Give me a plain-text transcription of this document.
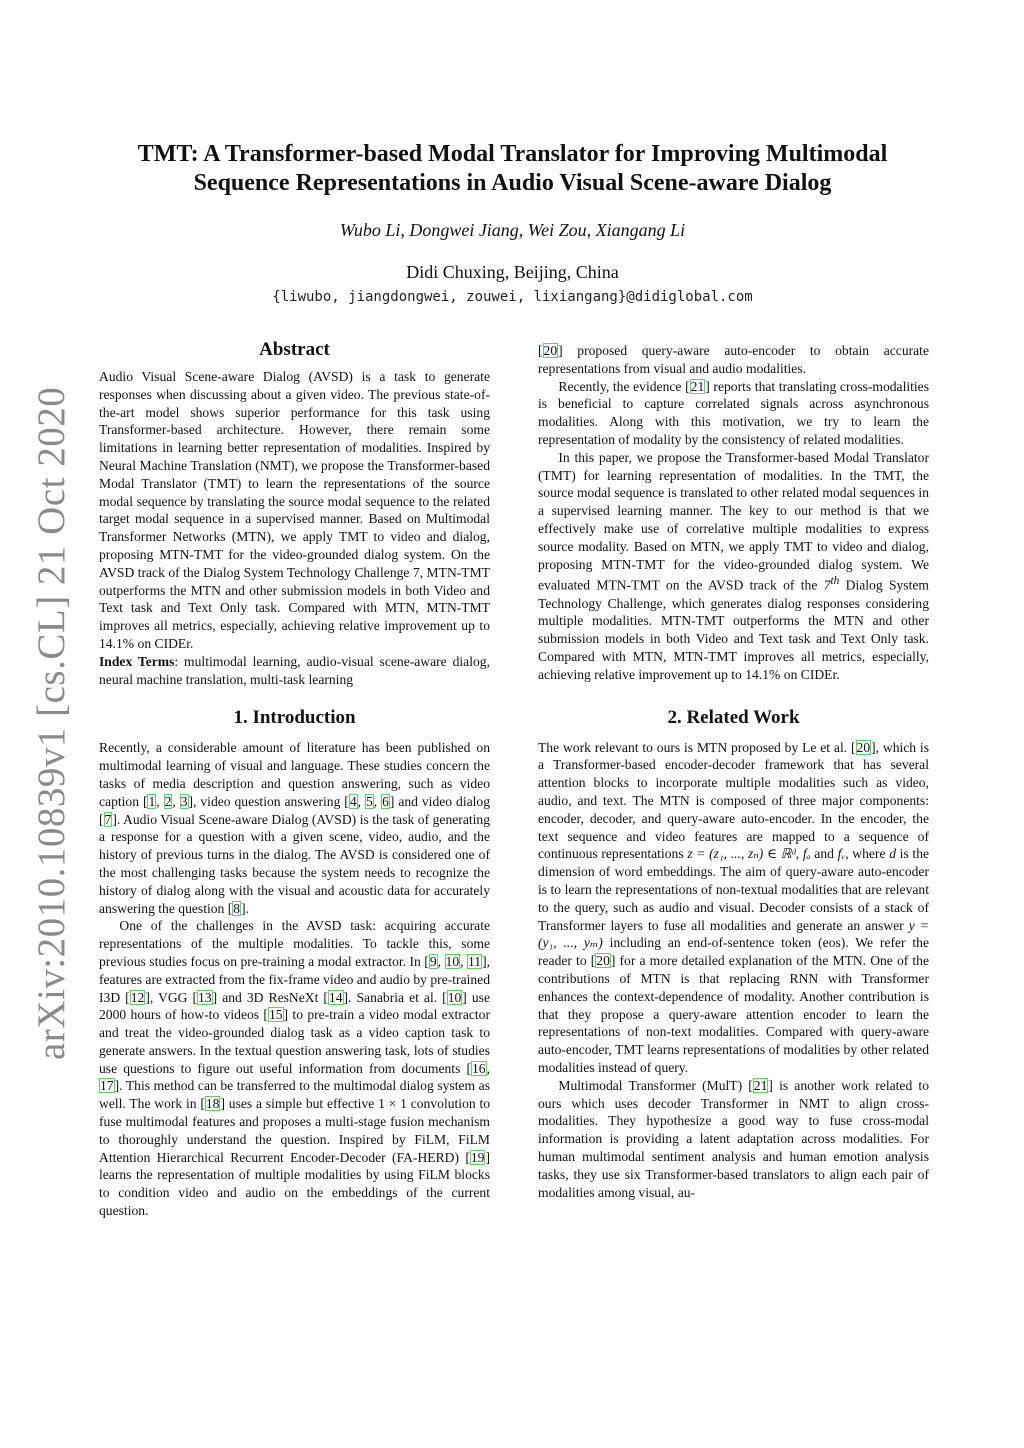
arXiv:2010.10839v1 [cs.CL] 21 Oct 2020
TMT: A Transformer-based Modal Translator for Improving Multimodal Sequence Representations in Audio Visual Scene-aware Dialog
Wubo Li, Dongwei Jiang, Wei Zou, Xiangang Li
Didi Chuxing, Beijing, China
{liwubo, jiangdongwei, zouwei, lixiangang}@didiglobal.com
Abstract

Audio Visual Scene-aware Dialog (AVSD) is a task to generate responses when discussing about a given video. The previous state-of-the-art model shows superior performance for this task using Transformer-based architecture. However, there remain some limitations in learning better representation of modalities. Inspired by Neural Machine Translation (NMT), we propose the Transformer-based Modal Translator (TMT) to learn the representations of the source modal sequence by translating the source modal sequence to the related target modal sequence in a supervised manner. Based on Multimodal Transformer Networks (MTN), we apply TMT to video and dialog, proposing MTN-TMT for the video-grounded dialog system. On the AVSD track of the Dialog System Technology Challenge 7, MTN-TMT outperforms the MTN and other submission models in both Video and Text task and Text Only task. Compared with MTN, MTN-TMT improves all metrics, especially, achieving relative improvement up to 14.1% on CIDEr.

Index Terms: multimodal learning, audio-visual scene-aware dialog, neural machine translation, multi-task learning

1. Introduction

Recently, a considerable amount of literature has been published on multimodal learning of visual and language. These studies concern the tasks of media description and question answering, such as video caption [1, 2, 3], video question answering [4, 5, 6] and video dialog [7]. Audio Visual Scene-aware Dialog (AVSD) is the task of generating a response for a question with a given scene, video, audio, and the history of previous turns in the dialog. The AVSD is considered one of the most challenging tasks because the system needs to recognize the history of dialog along with the visual and acoustic data for accurately answering the question [8].

One of the challenges in the AVSD task: acquiring accurate representations of the multiple modalities. To tackle this, some previous studies focus on pre-training a modal extractor. In [9, 10, 11], features are extracted from the fix-frame video and audio by pre-trained I3D [12], VGG [13] and 3D ResNeXt [14]. Sanabria et al. [10] use 2000 hours of how-to videos [15] to pre-train a video modal extractor and treat the video-grounded dialog task as a video caption task to generate answers. In the textual question answering task, lots of studies use questions to figure out useful information from documents [16, 17]. This method can be transferred to the multimodal dialog system as well. The work in [18] uses a simple but effective 1 × 1 convolution to fuse multimodal features and proposes a multi-stage fusion mechanism to thoroughly understand the question. Inspired by FiLM, FiLM Attention Hierarchical Recurrent Encoder-Decoder (FA-HERD) [19] learns the representation of multiple modalities by using FiLM blocks to condition video and audio on the embeddings of the current question.

[20] proposed query-aware auto-encoder to obtain accurate representations from visual and audio modalities.

Recently, the evidence [21] reports that translating cross-modalities is beneficial to capture correlated signals across asynchronous modalities. Along with this motivation, we try to learn the representation of modality by the consistency of related modalities.

In this paper, we propose the Transformer-based Modal Translator (TMT) for learning representation of modalities. In the TMT, the source modal sequence is translated to other related modal sequences in a supervised learning manner. The key to our method is that we effectively make use of correlative multiple modalities to express source modality. Based on MTN, we apply TMT to video and dialog, proposing MTN-TMT for the video-grounded dialog system. We evaluated MTN-TMT on the AVSD track of the 7th Dialog System Technology Challenge, which generates dialog responses considering multiple modalities. MTN-TMT outperforms the MTN and other submission models in both Video and Text task and Text Only task. Compared with MTN, MTN-TMT improves all metrics, especially, achieving relative improvement up to 14.1% on CIDEr.

2. Related Work

The work relevant to ours is MTN proposed by Le et al. [20], which is a Transformer-based encoder-decoder framework that has several attention blocks to incorporate multiple modalities such as video, audio, and text. The MTN is composed of three major components: encoder, decoder, and query-aware auto-encoder. In the encoder, the text sequence and video features are mapped to a sequence of continuous representations z = (z₁, ..., zₙ) ∈ ℝᵈ, fₐ and fᵥ, where d is the dimension of word embeddings. The aim of query-aware auto-encoder is to learn the representations of non-textual modalities that are relevant to the query, such as audio and visual. Decoder consists of a stack of Transformer layers to fuse all modalities and generate an answer y = (y₁, ..., yₘ) including an end-of-sentence token (eos). We refer the reader to [20] for a more detailed explanation of the MTN. One of the contributions of MTN is that replacing RNN with Transformer enhances the context-dependence of modality. Another contribution is that they propose a query-aware attention encoder to learn the representations of non-text modalities. Compared with query-aware auto-encoder, TMT learns representations of modalities by other related modalities instead of query.

Multimodal Transformer (MulT) [21] is another work related to ours which uses decoder Transformer in NMT to align cross-modalities. They hypothesize a good way to fuse cross-modal information is providing a latent adaptation across modalities. For human multimodal sentiment analysis and human emotion analysis tasks, they use six Transformer-based translators to align each pair of modalities among visual, au-
